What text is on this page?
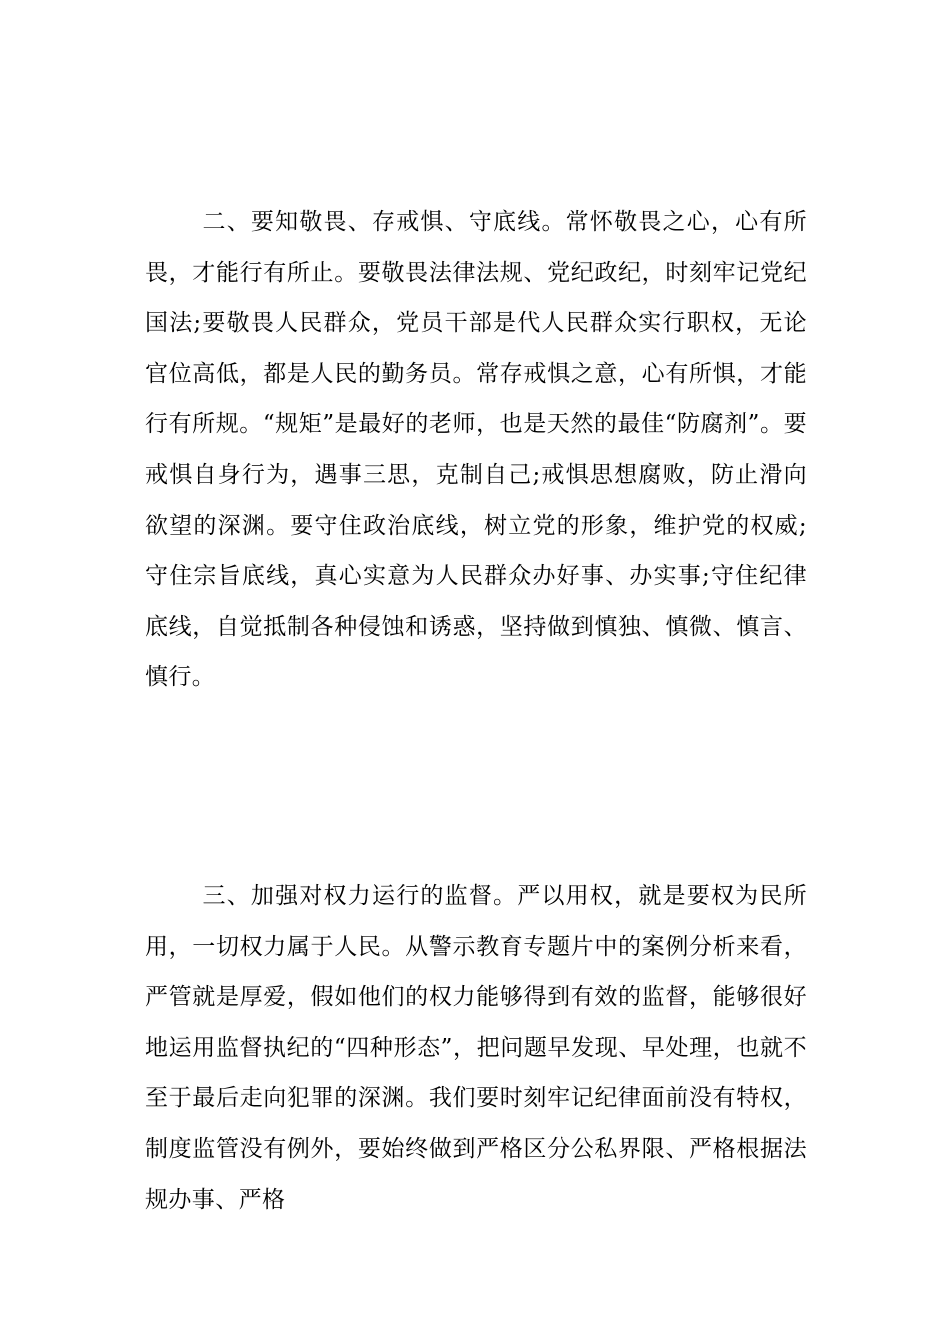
二、要知敬畏、存戒惧、守底线。常怀敬畏之心，心有所畏，才能行有所止。要敬畏法律法规、党纪政纪，时刻牢记党纪国法;要敬畏人民群众，党员干部是代人民群众实行职权，无论官位高低，都是人民的勤务员。常存戒惧之意，心有所惧，才能行有所规。“规矩”是最好的老师，也是天然的最佳“防腐剂”。要戒惧自身行为，遇事三思，克制自己;戒惧思想腐败，防止滑向欲望的深渊。要守住政治底线，树立党的形象，维护党的权威;守住宗旨底线，真心实意为人民群众办好事、办实事;守住纪律底线，自觉抵制各种侵蚀和诱惑，坚持做到慎独、慎微、慎言、慎行。

三、加强对权力运行的监督。严以用权，就是要权为民所用，一切权力属于人民。从警示教育专题片中的案例分析来看，严管就是厚爱，假如他们的权力能够得到有效的监督，能够很好地运用监督执纪的“四种形态”，把问题早发现、早处理，也就不至于最后走向犯罪的深渊。我们要时刻牢记纪律面前没有特权，制度监管没有例外，要始终做到严格区分公私界限、严格根据法规办事、严格
